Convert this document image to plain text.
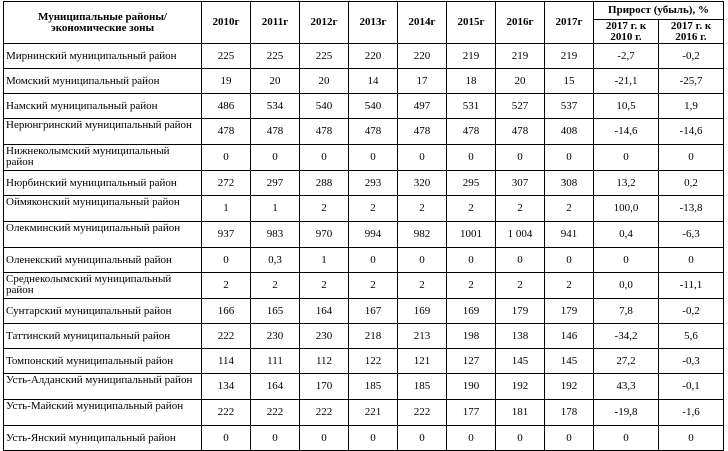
Муниципальные районы/экономические зоны	2010г	2011г	2012г	2013г	2014г	2015г	2016г	2017г	Прирост (убыль), %	
									2017 г. к 2010 г.	2017 г. к 2016 г.
Мирнинский муниципальный район	225	225	225	220	220	219	219	219	-2,7	-0,2
Момский муниципальный район	19	20	20	14	17	18	20	15	-21,1	-25,7
Намский муниципальный район	486	534	540	540	497	531	527	537	10,5	1,9
Нерюнгринский муниципальный район	478	478	478	478	478	478	478	408	-14,6	-14,6
Нижнеколымский муниципальный район	0	0	0	0	0	0	0	0	0	0
Нюрбинский муниципальный район	272	297	288	293	320	295	307	308	13,2	0,2
Оймяконский муниципальный район	1	1	2	2	2	2	2	2	100,0	-13,8
Олекминский муниципальный район	937	983	970	994	982	1001	1 004	941	0,4	-6,3
Оленекский муниципальный район	0	0,3	1	0	0	0	0	0	0	0
Среднеколымский муниципальный район	2	2	2	2	2	2	2	2	0,0	-11,1
Сунтарский муниципальный район	166	165	164	167	169	169	179	179	7,8	-0,2
Таттинский муниципальный район	222	230	230	218	213	198	138	146	-34,2	5,6
Томпонский муниципальный район	114	111	112	122	121	127	145	145	27,2	-0,3
Усть-Алданский муниципальный район	134	164	170	185	185	190	192	192	43,3	-0,1
Усть-Майский муниципальный район	222	222	222	221	222	177	181	178	-19,8	-1,6
Усть-Янский муниципальный район	0	0	0	0	0	0	0	0	0	0
